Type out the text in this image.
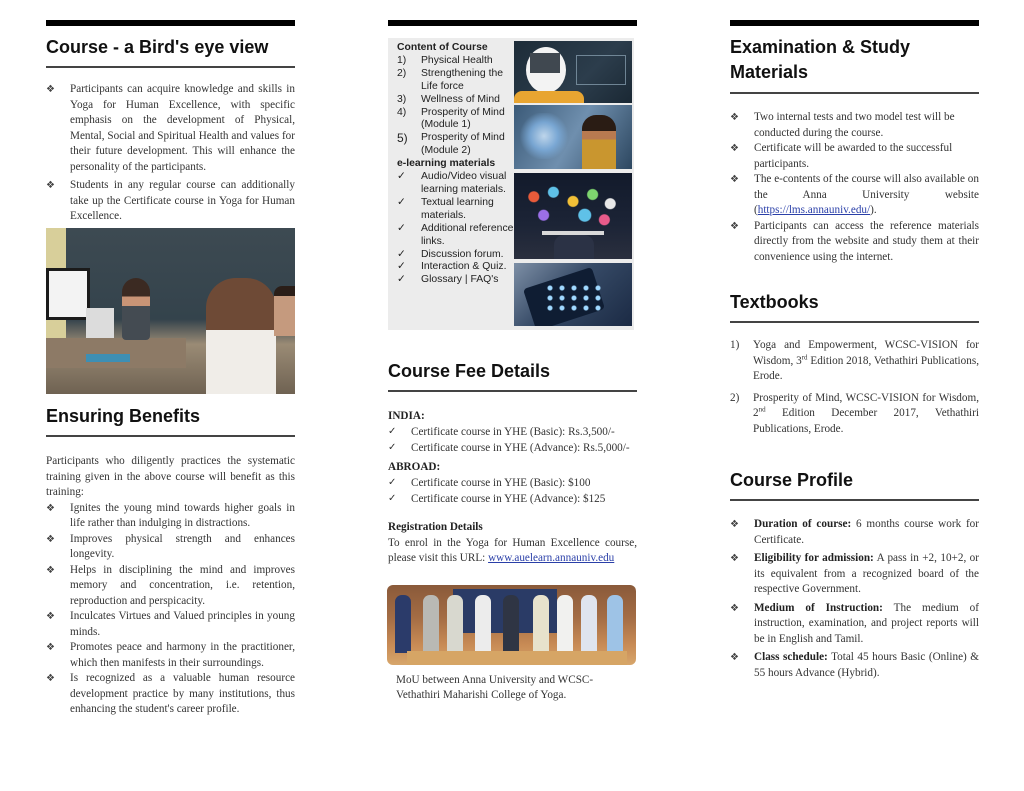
Course - a Bird's eye view
❖ Participants can acquire knowledge and skills in Yoga for Human Excellence, with specific emphasis on the development of Physical, Mental, Social and Spiritual Health and values for their future development. This will enhance the personality of the participants.
❖ Students in any regular course can additionally take up the Certificate course in Yoga for Human Excellence.
Ensuring Benefits

Participants who diligently practices the systematic training given in the above course will benefit as this training:

❖ Ignites the young mind towards higher goals in life rather than indulging in distractions.
❖ Improves physical strength and enhances longevity.
❖ Helps in disciplining the mind and improves memory and concentration, i.e. retention, reproduction and perspicacity.
❖ Inculcates Virtues and Valued principles in young minds.
❖ Promotes peace and harmony in the practitioner, which then manifests in their surroundings.
❖ Is recognized as a valuable human resource development practice by many institutions, thus enhancing the student's career profile.
Content of Course
1) Physical Health
2) Strengthening the Life force
3) Wellness of Mind
4) Prosperity of Mind (Module 1)
5) Prosperity of Mind (Module 2)
e-learning materials
✓ Audio/Video visual learning materials.
✓ Textual learning materials.
✓ Additional reference links.
✓ Discussion forum.
✓ Interaction & Quiz.
✓ Glossary | FAQ's
Course Fee Details
INDIA:
✓ Certificate course in YHE (Basic): Rs.3,500/-
✓ Certificate course in YHE (Advance): Rs.5,000/-
ABROAD:
✓ Certificate course in YHE (Basic): $100
✓ Certificate course in YHE (Advance): $125
Registration Details

To enrol in the Yoga for Human Excellence course, please visit this URL: www.auelearn.annauniv.edu

MoU between Anna University and WCSC-Vethathiri Maharishi College of Yoga.

Examination & Study Materials
❖ Two internal tests and two model test will be conducted during the course.
❖ Certificate will be awarded to the successful participants.
❖ The e-contents of the course will also available on the Anna University website (https://lms.annauniv.edu/).
❖ Participants can access the reference materials directly from the website and study them at their convenience using the internet.
Textbooks
1) Yoga and Empowerment, WCSC-VISION for Wisdom, 3rd Edition 2018, Vethathiri Publications, Erode.
2) Prosperity of Mind, WCSC-VISION for Wisdom, 2nd Edition December 2017, Vethathiri Publications, Erode.
Course Profile
❖ Duration of course: 6 months course work for Certificate.
❖ Eligibility for admission: A pass in +2, 10+2, or its equivalent from a recognized board of the respective Government.
❖ Medium of Instruction: The medium of instruction, examination, and project reports will be in English and Tamil.
❖ Class schedule: Total 45 hours Basic (Online) & 55 hours Advance (Hybrid).
